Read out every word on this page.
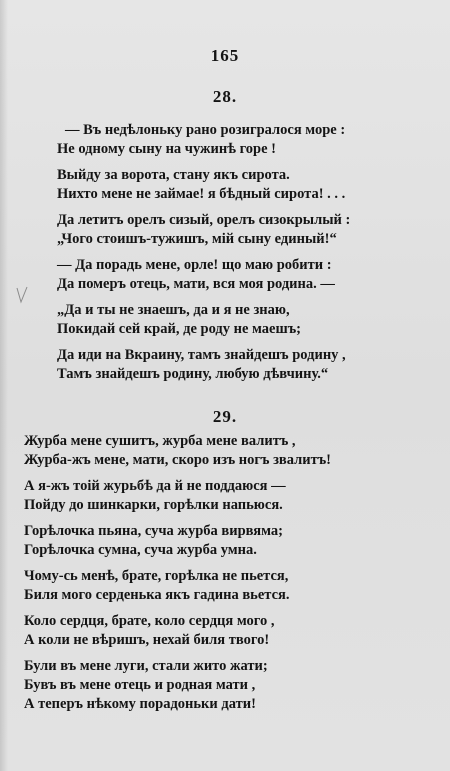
165
28.
— Въ недѣлоньку рано розигралося море :
Не одному сыну на чужинѣ горе !
Выйду за ворота, стану якъ сирота.
Нихто мене не займае! я бѣдный сирота! . . .
Да летитъ орелъ сизый, орелъ сизокрылый :
„Чого стоишъ-тужишъ, мій сыну единый!“
— Да порадь мене, орле! що маю робити :
Да померъ отець, мати, вся моя родина. —
„Да и ты не знаешъ, да и я не знаю,
Покидай сей край, де роду не маешъ;
Да иди на Вкраину, тамъ знайдешъ родину ,
Тамъ знайдешъ родину, любую дѣвчину.“
29.
Журба мене сушитъ, журба мене валитъ ,
Журба-жъ мене, мати, скоро изъ ногъ звалитъ!
А я-жъ тоій журьбѣ да й не поддаюся —
Пойду до шинкарки, горѣлки напьюся.
Горѣлочка пьяна, суча журба вирвяма;
Горѣлочка сумна, суча журба умна.
Чому-сь менѣ, брате, горѣлка не пьется,
Биля мого серденька якъ гадина вьется.
Коло сердця, брате, коло сердця мого ,
А коли не вѣришъ, нехай биля твого!
Були въ мене луги, стали жито жати;
Бувъ въ мене отець и родная мати ,
А теперъ нѣкому порадоньки дати!
